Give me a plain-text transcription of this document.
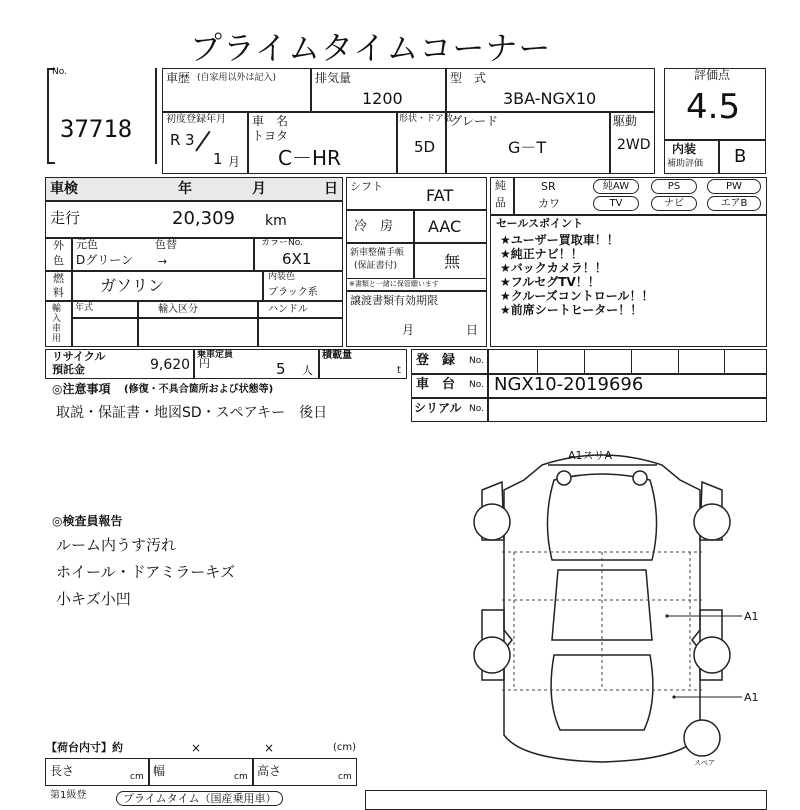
プライムタイムコーナー
No.
37718
車歴 (自家用以外は記入)	排気量
1200
型　式
3BA-NGX10
初度登録年月
R 3
1 月
車　名
トヨタ
C－HR
形状・ドア数
5D
グレード
G－T
駆動
2WD
評価点
4.5
内装
補助評価 B
車検	年	月	日
走行	20,309 km
外
色
元色	色替
Dグリーン →
カラーNo.
6X1
燃
料 ガソリン	内装色
ブラック系
輸入車用
年式	輸入区分	ハンドル
シフト	FAT
冷　房 AAC
新車整備手帳
(保証書付)	無
※書類と一緒に保管願います
譲渡書類有効期限
月	日
純
品
SR	純AW	PS	PW
カワ	TV	ナビ	エアB
セールスポイント
★ユーザー買取車！！
★純正ナビ！！
★バックカメラ！！
★フルセグTV！！
★クルーズコントロール！！
★前席シートヒーター！！
リサイクル
預託金	9,620 円
乗車定員
5 人
積載量
t
登　録 No.
車　台 No. NGX10-2019696
シリアル No.
◎注意事項 (修復・不具合箇所および状態等)
取説・保証書・地図SD・スペアキー　後日
◎検査員報告
ルーム内うす汚れ
ホイール・ドアミラーキズ
小キズ小凹
A1スリA
A1
A1
スペア
【荷台内寸】約	×	×	(cm)
長さ	cm 幅	cm 高さ	cm
第1級登	プライムタイム（国産乗用車）
